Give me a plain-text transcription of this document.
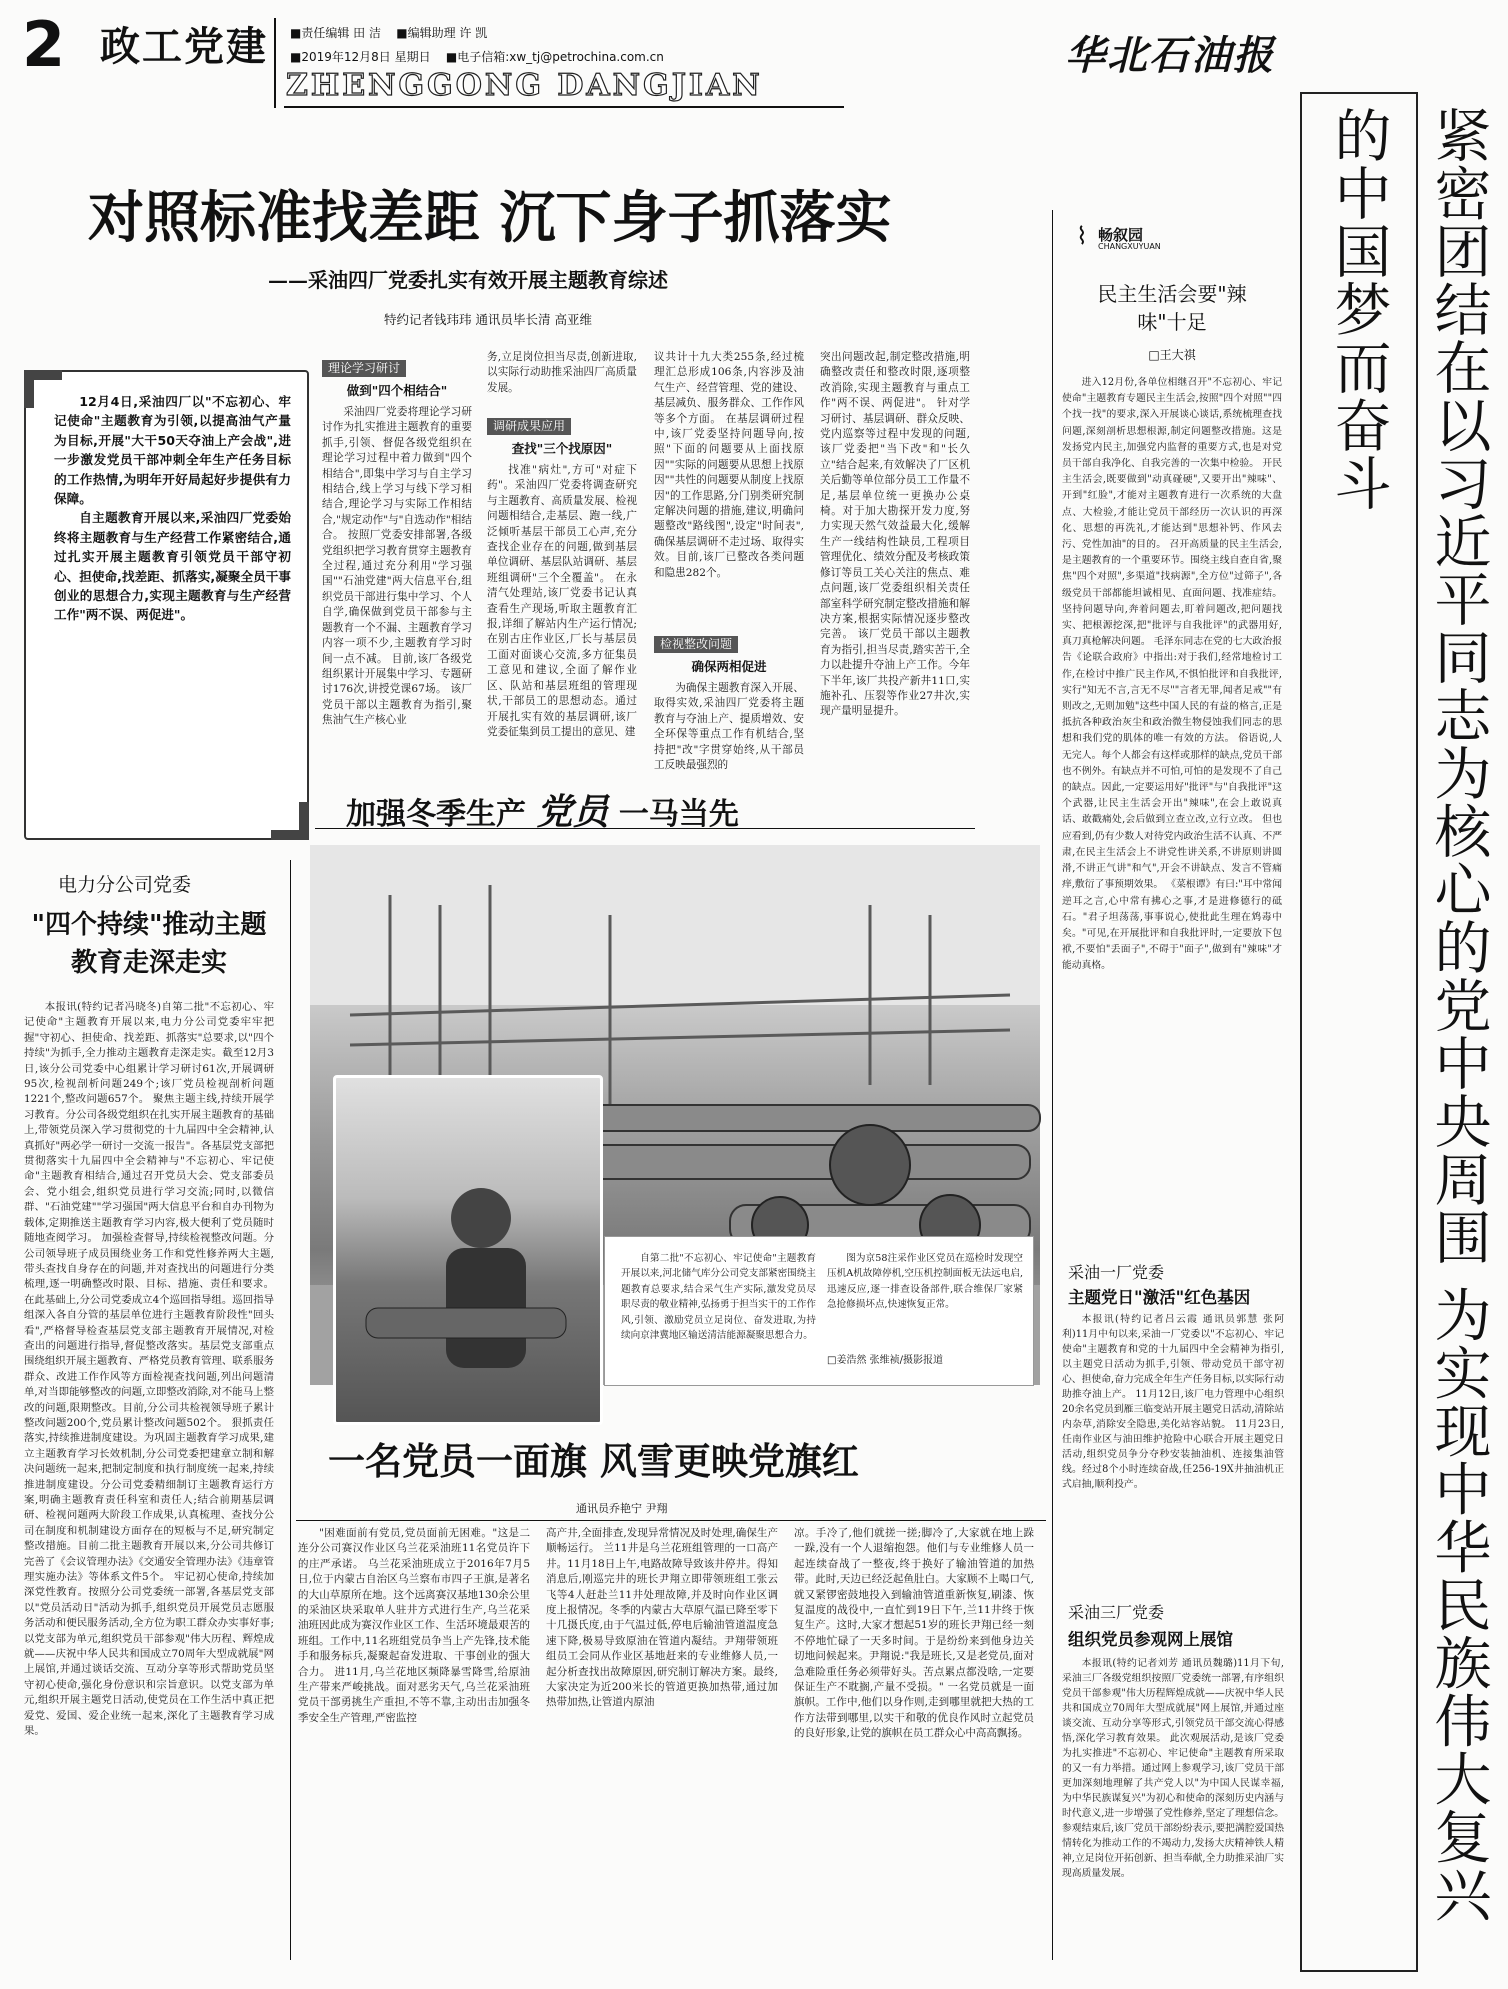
2 政工党建 ■责任编辑 田 洁 ■编辑助理 许 凯
■2019年12月8日 星期日 ■电子信箱:xw_tj@petrochina.com.cn
ZHENGGONG DANGJIAN
华北石油报
紧密团结在以习近平同志为核心的党中央周围 为实现中华民族伟大复兴的中国梦而奋斗
对照标准找差距 沉下身子抓落实
——采油四厂党委扎实有效开展主题教育综述
特约记者钱玮玮 通讯员毕长清 高亚维

12月4日,采油四厂以"不忘初心、牢记使命"主题教育为引领,以提高油气产量为目标,开展"大干50天夺油上产会战",进一步激发党员干部冲刺全年生产任务目标的工作热情,为明年开好局起好步提供有力保障。

自主题教育开展以来,采油四厂党委始终将主题教育与生产经营工作紧密结合,通过扎实开展主题教育引领党员干部守初心、担使命,找差距、抓落实,凝聚全员干事创业的思想合力,实现主题教育与生产经营工作"两不误、两促进"。

理论学习研讨
做到"四个相结合"

采油四厂党委将理论学习研讨作为扎实推进主题教育的重要抓手,引领、督促各级党组织在理论学习过程中着力做到"四个相结合",即集中学习与自主学习相结合,线上学习与线下学习相结合,理论学习与实际工作相结合,"规定动作"与"自选动作"相结合。 按照厂党委安排部署,各级党组织把学习教育贯穿主题教育全过程,通过充分利用"学习强国""石油党建"两大信息平台,组织党员干部进行集中学习、个人自学,确保做到党员干部参与主题教育一个不漏、主题教育学习内容一项不少,主题教育学习时间一点不减。 目前,该厂各级党组织累计开展集中学习、专题研讨176次,讲授党课67场。 该厂党员干部以主题教育为指引,聚焦油气生产核心业

务,立足岗位担当尽责,创新进取,以实际行动助推采油四厂高质量发展。

调研成果应用
查找"三个找原因"

找准"病灶",方可"对症下药"。采油四厂党委将调查研究与主题教育、高质量发展、检视问题相结合,走基层、跑一线,广泛倾听基层干部员工心声,充分查找企业存在的问题,做到基层单位调研、基层队站调研、基层班组调研"三个全覆盖"。 在永清气处理站,该厂党委书记认真查看生产现场,听取主题教育汇报,详细了解站内生产运行情况;在别古庄作业区,厂长与基层员工面对面谈心交流,多方征集员工意见和建议,全面了解作业区、队站和基层班组的管理现状,干部员工的思想动态。通过开展扎实有效的基层调研,该厂党委征集到员工提出的意见、建

议共计十九大类255条,经过梳理汇总形成106条,内容涉及油气生产、经营管理、党的建设、基层减负、服务群众、工作作风等多个方面。 在基层调研过程中,该厂党委坚持问题导向,按照"下面的问题要从上面找原因""实际的问题要从思想上找原因""共性的问题要从制度上找原因"的工作思路,分门别类研究制定解决问题的措施,建议,明确问题整改"路线图",设定"时间表",确保基层调研不走过场、取得实效。目前,该厂已整改各类问题和隐患282个。

检视整改问题
确保两相促进

为确保主题教育深入开展、取得实效,采油四厂党委将主题教育与夺油上产、提质增效、安全环保等重点工作有机结合,坚持把"改"字贯穿始终,从干部员工反映最强烈的

突出问题改起,制定整改措施,明确整改责任和整改时限,逐项整改消除,实现主题教育与重点工作"两不误、两促进"。 针对学习研讨、基层调研、群众反映、党内巡察等过程中发现的问题,该厂党委把"当下改"和"长久立"结合起来,有效解决了厂区机关后勤等单位部分员工工作量不足,基层单位统一更换办公桌椅。对于加大勘探开发力度,努力实现天然气效益最大化,缓解生产一线结构性缺员,工程项目管理优化、绩效分配及考核政策修订等员工关心关注的焦点、难点问题,该厂党委组织相关责任部室科学研究制定整改措施和解决方案,根据实际情况逐步整改完善。 该厂党员干部以主题教育为指引,担当尽责,踏实苦干,全力以赴提升夺油上产工作。今年下半年,该厂共投产新井11口,实施补孔、压裂等作业27井次,实现产量明显提升。

⌇ 畅叙园
CHANGXUYUAN
民主生活会要"辣味"十足
□王大祺

进入12月份,各单位相继召开"不忘初心、牢记使命"主题教育专题民主生活会,按照"四个对照""四个找一找"的要求,深入开展谈心谈话,系统梳理查找问题,深刻剖析思想根源,制定问题整改措施。这是发扬党内民主,加强党内监督的重要方式,也是对党员干部自我净化、自我完善的一次集中检验。 开民主生活会,既要做到"动真碰硬",又要开出"辣味"、开到"红脸",才能对主题教育进行一次系统的大盘点、大检验,才能让党员干部经历一次认识的再深化、思想的再洗礼,才能达到"思想补钙、作风去污、党性加油"的目的。 召开高质量的民主生活会,是主题教育的一个重要环节。围绕主线自查自省,聚焦"四个对照",多渠道"找病源",全方位"过筛子",各级党员干部都能坦诚相见、直面问题、找准症结。坚持问题导向,奔着问题去,盯着问题改,把问题找实、把根源挖深,把"批评与自我批评"的武器用好,真刀真枪解决问题。 毛泽东同志在党的七大政治报告《论联合政府》中指出:对于我们,经常地检讨工作,在检讨中推广民主作风,不惧怕批评和自我批评,实行"知无不言,言无不尽""言者无罪,闻者足戒""有则改之,无则加勉"这些中国人民的有益的格言,正是抵抗各种政治灰尘和政治微生物侵蚀我们同志的思想和我们党的肌体的唯一有效的方法。 俗语说,人无完人。每个人都会有这样或那样的缺点,党员干部也不例外。有缺点并不可怕,可怕的是发现不了自己的缺点。因此,一定要运用好"批评"与"自我批评"这个武器,让民主生活会开出"辣味",在会上敢说真话、敢戳痛处,会后做到立查立改,立行立改。 但也应看到,仍有少数人对待党内政治生活不认真、不严肃,在民主生活会上不讲党性讲关系,不讲原则讲圆滑,不讲正气讲"和气",开会不讲缺点、发言不管痛痒,敷衍了事预期效果。 《菜根谭》有曰:"耳中常闻逆耳之言,心中常有拂心之事,才是进修德行的砥石。"君子坦荡荡,事事说心,使批此生理在鸩毒中矣。"可见,在开展批评和自我批评时,一定要放下包袱,不要怕"丢面子",不碍于"面子",做到有"辣味"才能动真格。

电力分公司党委
"四个持续"推动主题教育走深走实

本报讯(特约记者冯晓冬)自第二批"不忘初心、牢记使命"主题教育开展以来,电力分公司党委牢牢把握"守初心、担使命、找差距、抓落实"总要求,以"四个持续"为抓手,全力推动主题教育走深走实。截至12月3日,该分公司党委中心组累计学习研讨61次,开展调研95次,检视剖析问题249个;该厂党员检视剖析问题1221个,整改问题657个。 聚焦主题主线,持续开展学习教育。分公司各级党组织在扎实开展主题教育的基础上,带领党员深入学习贯彻党的十九届四中全会精神,认真抓好"两必学一研讨一交流一报告"。各基层党支部把贯彻落实十九届四中全会精神与"不忘初心、牢记使命"主题教育相结合,通过召开党员大会、党支部委员会、党小组会,组织党员进行学习交流;同时,以微信群、"石油党建""学习强国"两大信息平台和自办刊物为载体,定期推送主题教育学习内容,极大便利了党员随时随地查阅学习。 加强检查督导,持续检视整改问题。分公司领导班子成员围绕业务工作和党性修养两大主题,带头查找自身存在的问题,并对查找出的问题进行分类梳理,逐一明确整改时限、目标、措施、责任和要求。在此基础上,分公司党委成立4个巡回指导组。巡回指导组深入各自分管的基层单位进行主题教育阶段性"回头看",严格督导检查基层党支部主题教育开展情况,对检查出的问题进行指导,督促整改落实。基层党支部重点围绕组织开展主题教育、严格党员教育管理、联系服务群众、改进工作作风等方面检视查找问题,列出问题清单,对当即能够整改的问题,立即整改消除,对不能马上整改的问题,限期整改。目前,分公司共检视领导班子累计整改问题200个,党员累计整改问题502个。 狠抓责任落实,持续推进制度建设。为巩固主题教育学习成果,建立主题教育学习长效机制,分公司党委把建章立制和解决问题统一起来,把制定制度和执行制度统一起来,持续推进制度建设。分公司党委精细制订主题教育运行方案,明确主题教育责任科室和责任人;结合前期基层调研、检视问题两大阶段工作成果,认真梳理、查找分公司在制度和机制建设方面存在的短板与不足,研究制定整改措施。目前二批主题教育开展以来,分公司共修订完善了《会议管理办法》《交通安全管理办法》《违章管理实施办法》等体系文件5个。 牢记初心使命,持续加深党性教育。按照分公司党委统一部署,各基层党支部以"党员活动日"活动为抓手,组织党员开展党员志愿服务活动和便民服务活动,全方位为职工群众办实事好事;以党支部为单元,组织党员干部参观"伟大历程、辉煌成就——庆祝中华人民共和国成立70周年大型成就展"网上展馆,并通过谈话交流、互动分享等形式帮助党员坚守初心使命,强化身份意识和宗旨意识。以党支部为单元,组织开展主题党日活动,使党员在工作生活中真正把爱党、爱国、爱企业统一起来,深化了主题教育学习成果。

加强冬季生产 党员 一马当先

自第二批"不忘初心、牢记使命"主题教育开展以来,河北储气库分公司党支部紧密围绕主题教育总要求,结合采气生产实际,激发党员尽职尽责的敬业精神,弘扬勇于担当实干的工作作风,引领、激励党员立足岗位、奋发进取,为持续向京津冀地区输送清洁能源凝聚思想合力。

图为京58注采作业区党员在巡检时发现空压机A机故障停机,空压机控制面板无法远电启,迅速反应,逐一排查设备部件,联合维保厂家紧急抢修损坏点,快速恢复正常。

□姜浩然 张维祯/摄影报道
一名党员一面旗 风雪更映党旗红
通讯员乔艳宁 尹翔

"困难面前有党员,党员面前无困难。"这是二连分公司赛汉作业区乌兰花采油班11名党员许下的庄严承诺。 乌兰花采油班成立于2016年7月5日,位于内蒙古自治区乌兰察布市四子王旗,是著名的大山草原所在地。这个远离赛汉基地130余公里的采油区块采取单人驻井方式进行生产,乌兰花采油班因此成为赛汉作业区工作、生活环境最艰苦的班组。工作中,11名班组党员争当上产先锋,技术能手和服务标兵,凝聚起奋发进取、干事创业的强大合力。 进11月,乌兰花地区频降暴雪降雪,给原油生产带来严峻挑战。面对恶劣天气,乌兰花采油班党员干部勇挑生产重担,不等不靠,主动出击加强冬季安全生产管理,严密监控

高产井,全面排查,发现异常情况及时处理,确保生产顺畅运行。 兰11井是乌兰花班组管理的一口高产井。11月18日上午,电路故障导致该井停井。得知消息后,刚巡完井的班长尹翔立即带领班组工张云飞等4人赶赴兰11井处理故障,并及时向作业区调度上报情况。冬季的内蒙古大草原气温已降至零下十几摄氏度,由于气温过低,停电后输油管道温度急速下降,极易导致原油在管道内凝结。尹翔带领班组员工会同从作业区基地赶来的专业维修人员,一起分析查找出故障原因,研究制订解决方案。最终,大家决定为近200米长的管道更换加热带,通过加热带加热,让管道内原油

凉。手冷了,他们就搓一搓;脚冷了,大家就在地上跺一跺,没有一个人退缩抱怨。他们与专业维修人员一起连续奋战了一整夜,终于换好了输油管道的加热带。此时,天边已经泛起鱼肚白。大家顾不上喝口气,就又紧锣密鼓地投入到输油管道重新恢复,刷漆、恢复温度的战役中,一直忙到19日下午,兰11井终于恢复生产。这时,大家才想起51岁的班长尹翔已经一刻不停地忙碌了一天多时间。于是纷纷来到他身边关切地问候起来。尹翔说:"我是班长,又是老党员,面对急难险重任务必须带好头。苦点累点都没啥,一定要保证生产不耽搁,产量不受损。" 一名党员就是一面旗帜。工作中,他们以身作则,走到哪里就把大热的工作方法带到哪里,以实干和敬的优良作风时立起党员的良好形象,让党的旗帜在员工群众心中高高飘扬。

采油一厂党委
主题党日"激活"红色基因

本报讯(特约记者吕云霞 通讯员郭慧 张阿利)11月中旬以来,采油一厂党委以"不忘初心、牢记使命"主题教育和党的十九届四中全会精神为指引,以主题党日活动为抓手,引领、带动党员干部守初心、担使命,奋力完成全年生产任务目标,以实际行动助推夺油上产。 11月12日,该厂电力管理中心组织20余名党员到雁三临变站开展主题党日活动,清除站内杂草,消除安全隐患,美化站容站貌。 11月23日,任南作业区与油田维护抢险中心联合开展主题党日活动,组织党员争分夺秒安装抽油机、连接集油管线。经过8个小时连续奋战,任256-19X井抽油机正式启抽,顺利投产。

采油三厂党委
组织党员参观网上展馆

本报讯(特约记者刘芳 通讯员魏璐)11月下旬,采油三厂各级党组织按照厂党委统一部署,有序组织党员干部参观"伟大历程辉煌成就——庆祝中华人民共和国成立70周年大型成就展"网上展馆,并通过座谈交流、互动分享等形式,引领党员干部交流心得感悟,深化学习教育效果。 此次观展活动,是该厂党委为扎实推进"不忘初心、牢记使命"主题教育所采取的又一有力举措。通过网上参观学习,该厂党员干部更加深刻地理解了共产党人以"为中国人民谋幸福,为中华民族谋复兴"为初心和使命的深刻历史内涵与时代意义,进一步增强了党性修养,坚定了理想信念。 参观结束后,该厂党员干部纷纷表示,要把满腔爱国热情转化为推动工作的不竭动力,发扬大庆精神铁人精神,立足岗位开拓创新、担当奉献,全力助推采油厂实现高质量发展。
